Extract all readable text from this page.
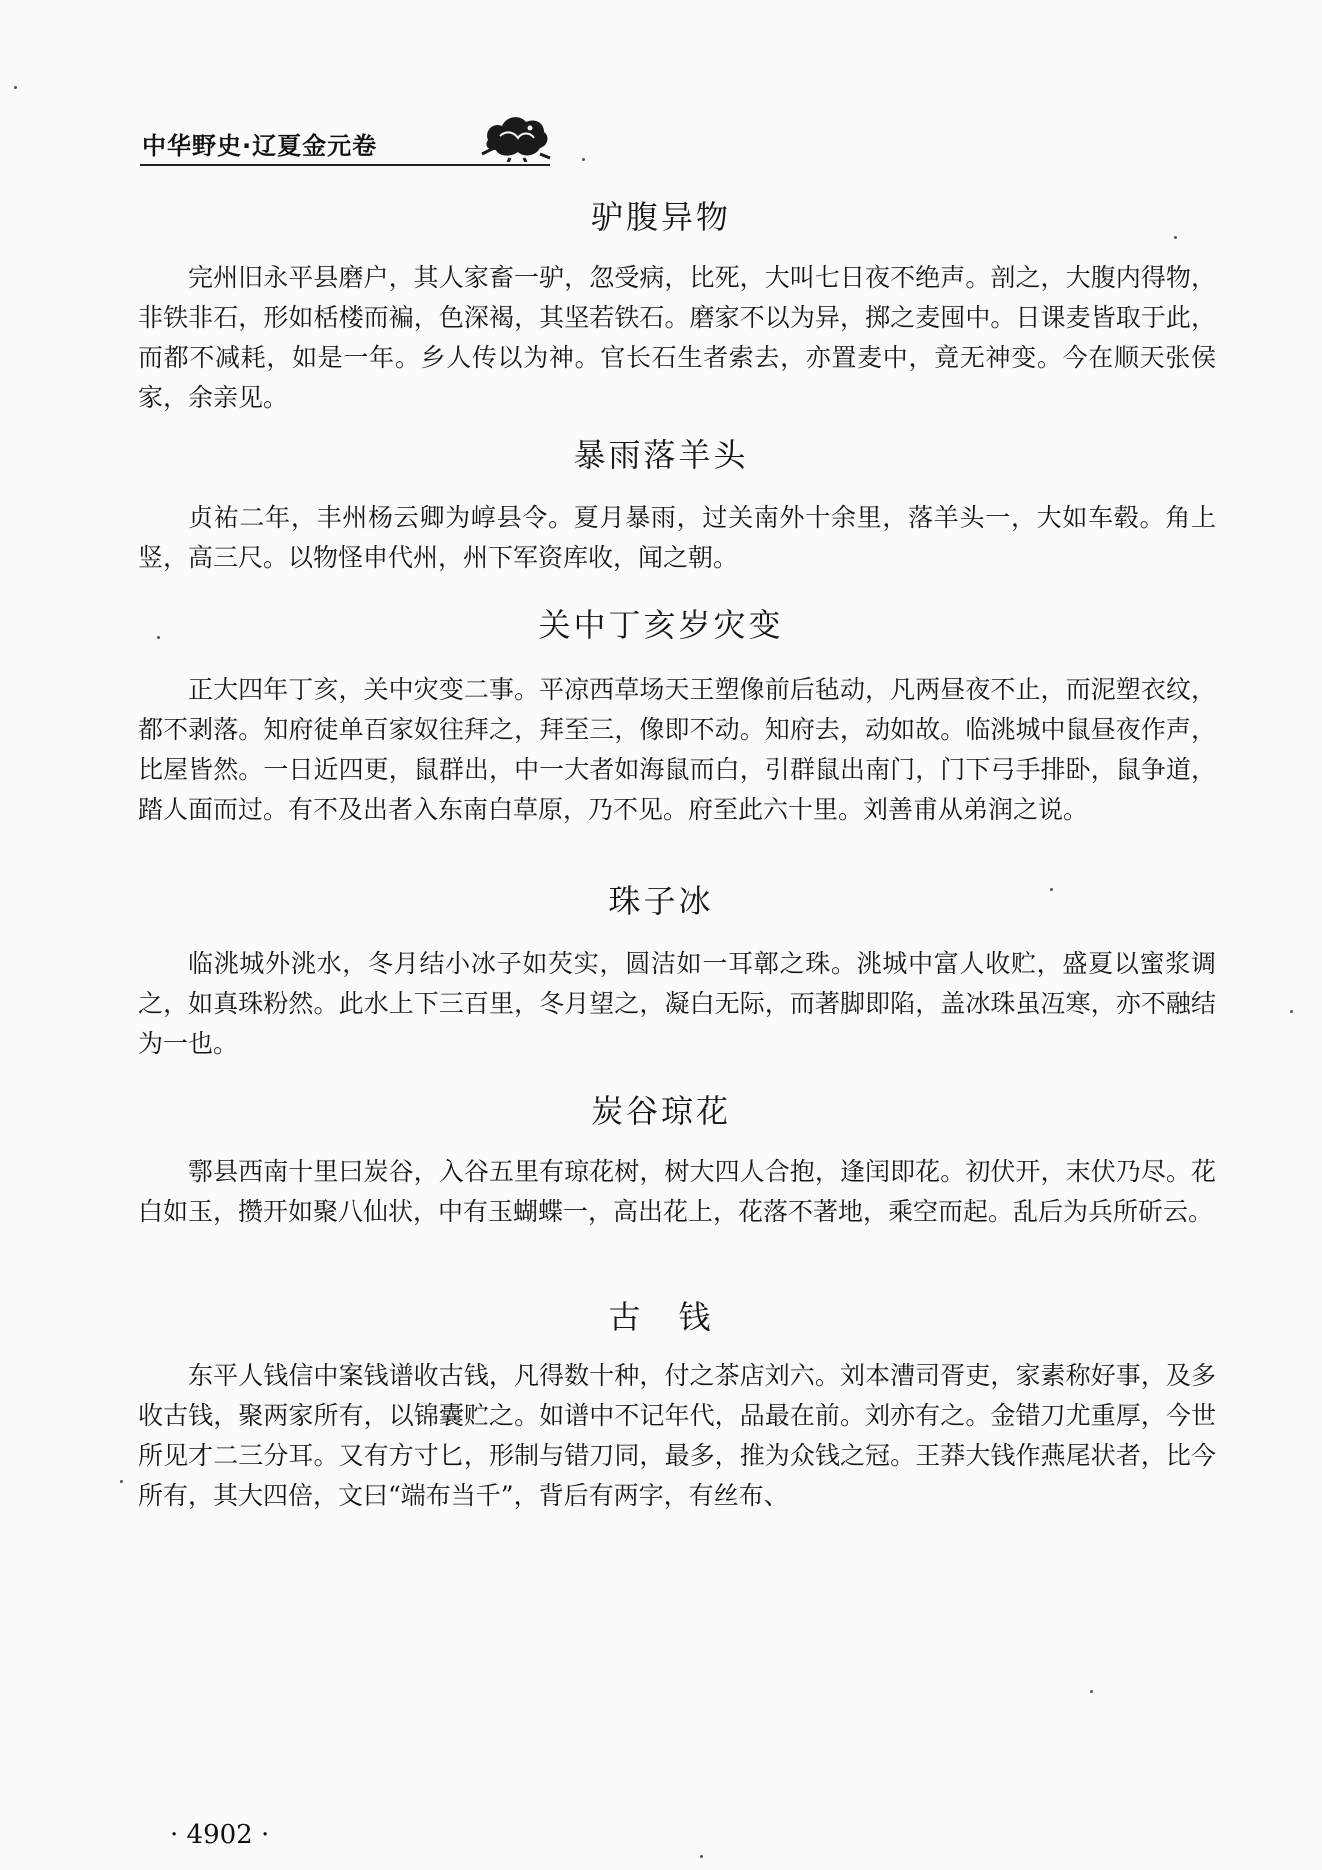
中华野史·辽夏金元卷
驴腹异物

完州旧永平县磨户，其人家畜一驴，忽受病，比死，大叫七日夜不绝声。剖之，大腹内得物，非铁非石，形如栝楼而褊，色深褐，其坚若铁石。磨家不以为异，掷之麦囤中。日课麦皆取于此，而都不减耗，如是一年。乡人传以为神。官长石生者索去，亦置麦中，竟无神变。今在顺天张侯家，余亲见。

暴雨落羊头

贞祐二年，丰州杨云卿为崞县令。夏月暴雨，过关南外十余里，落羊头一，大如车毂。角上竖，高三尺。以物怪申代州，州下军资库收，闻之朝。

关中丁亥岁灾变

正大四年丁亥，关中灾变二事。平凉西草场天王塑像前后毡动，凡两昼夜不止，而泥塑衣纹，都不剥落。知府徒单百家奴往拜之，拜至三，像即不动。知府去，动如故。临洮城中鼠昼夜作声，比屋皆然。一日近四更，鼠群出，中一大者如海鼠而白，引群鼠出南门，门下弓手排卧，鼠争道，踏人面而过。有不及出者入东南白草原，乃不见。府至此六十里。刘善甫从弟润之说。

珠子冰

临洮城外洮水，冬月结小冰子如芡实，圆洁如一耳鄣之珠。洮城中富人收贮，盛夏以蜜浆调之，如真珠粉然。此水上下三百里，冬月望之，凝白无际，而著脚即陷，盖冰珠虽冱寒，亦不融结为一也。

炭谷琼花

鄠县西南十里曰炭谷，入谷五里有琼花树，树大四人合抱，逢闰即花。初伏开，末伏乃尽。花白如玉，攒开如聚八仙状，中有玉蝴蝶一，高出花上，花落不著地，乘空而起。乱后为兵所斫云。

古　钱

东平人钱信中案钱谱收古钱，凡得数十种，付之茶店刘六。刘本漕司胥吏，家素称好事，及多收古钱，聚两家所有，以锦囊贮之。如谱中不记年代，品最在前。刘亦有之。金错刀尤重厚，今世所见才二三分耳。又有方寸匕，形制与错刀同，最多，推为众钱之冠。王莽大钱作燕尾状者，比今所有，其大四倍，文曰“端布当千”，背后有两字，有丝布、

· 4902 ·
